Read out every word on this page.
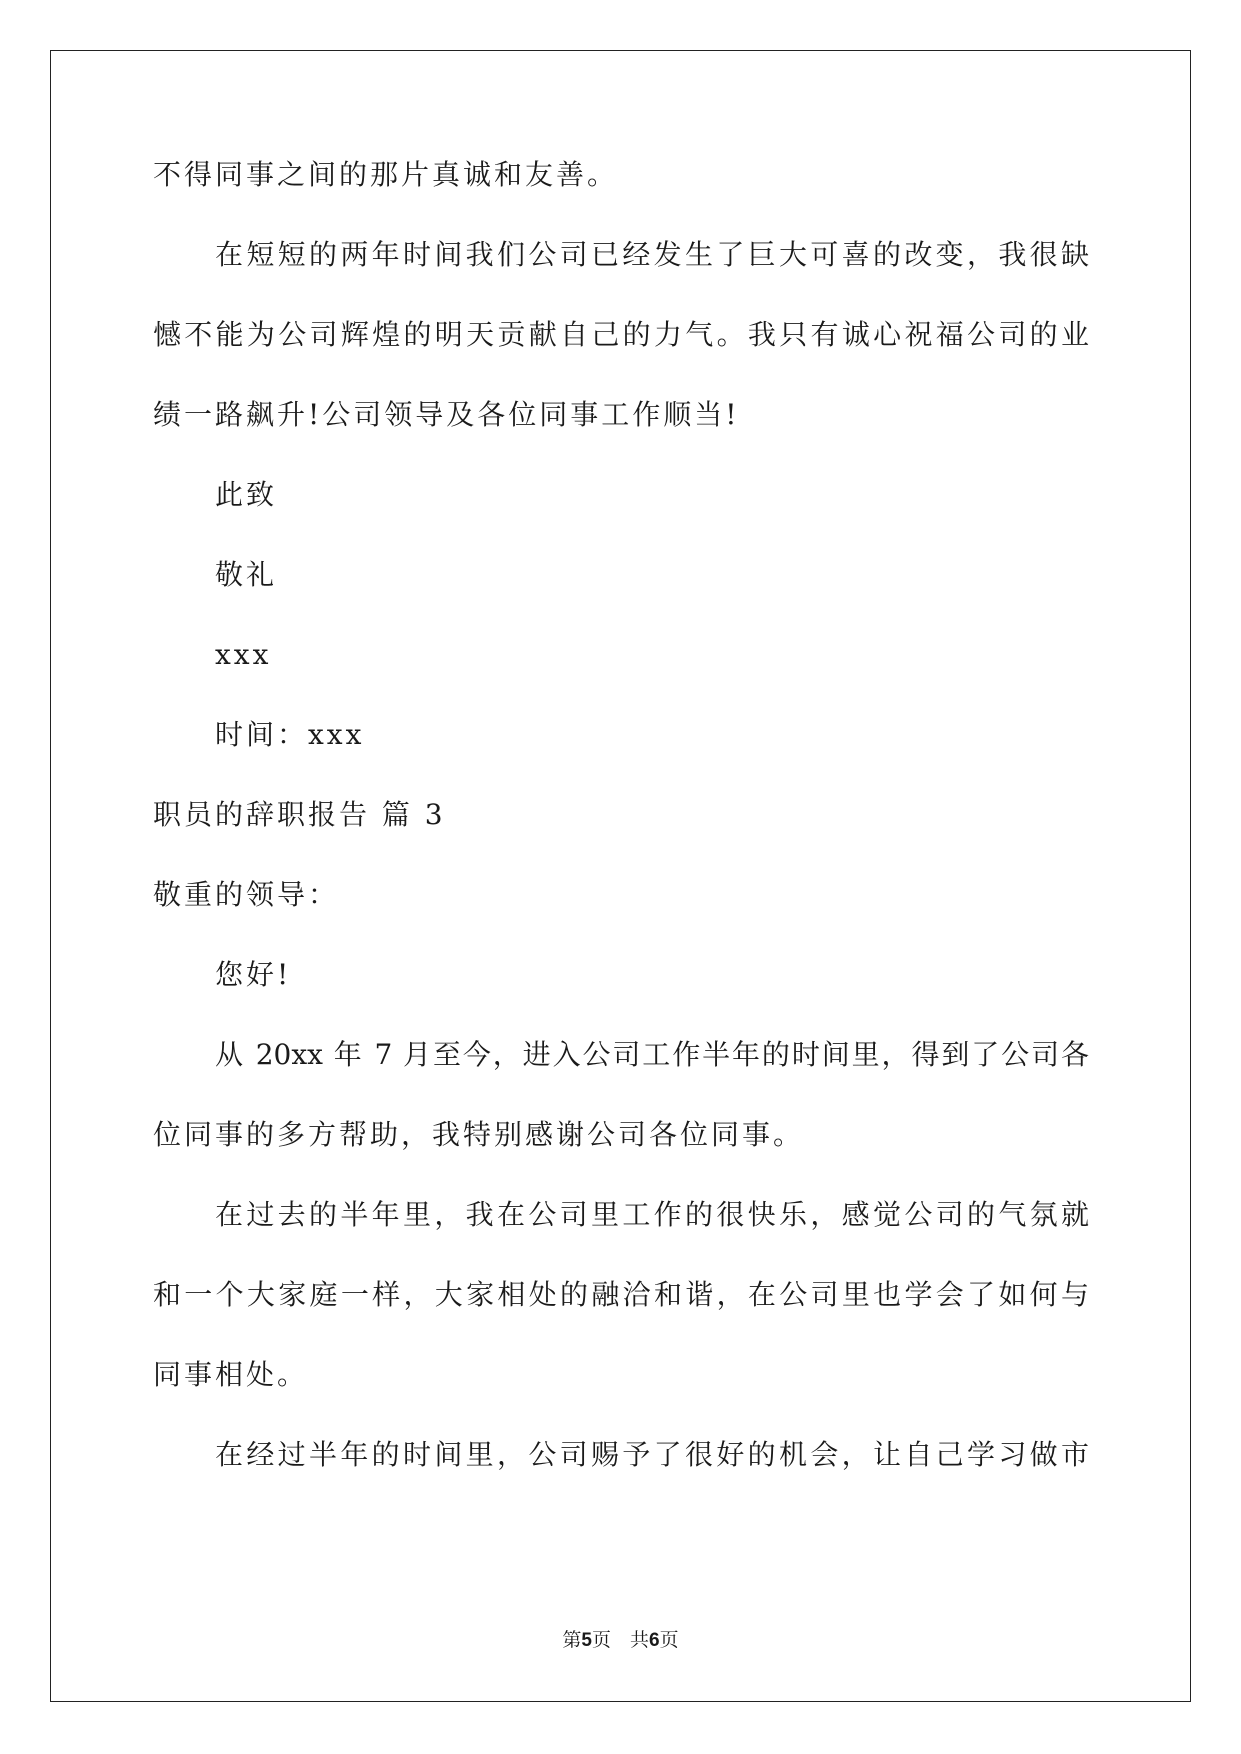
不得同事之间的那片真诚和友善。
在短短的两年时间我们公司已经发生了巨大可喜的改变，我很缺
憾不能为公司辉煌的明天贡献自己的力气。我只有诚心祝福公司的业
绩一路飙升!公司领导及各位同事工作顺当!
此致
敬礼
xxx
时间：xxx
职员的辞职报告 篇 3
敬重的领导：
您好!
从 20xx 年 7 月至今，进入公司工作半年的时间里，得到了公司各
位同事的多方帮助，我特别感谢公司各位同事。
在过去的半年里，我在公司里工作的很快乐，感觉公司的气氛就
和一个大家庭一样，大家相处的融洽和谐，在公司里也学会了如何与
同事相处。
在经过半年的时间里，公司赐予了很好的机会，让自己学习做市
第5页　共6页
